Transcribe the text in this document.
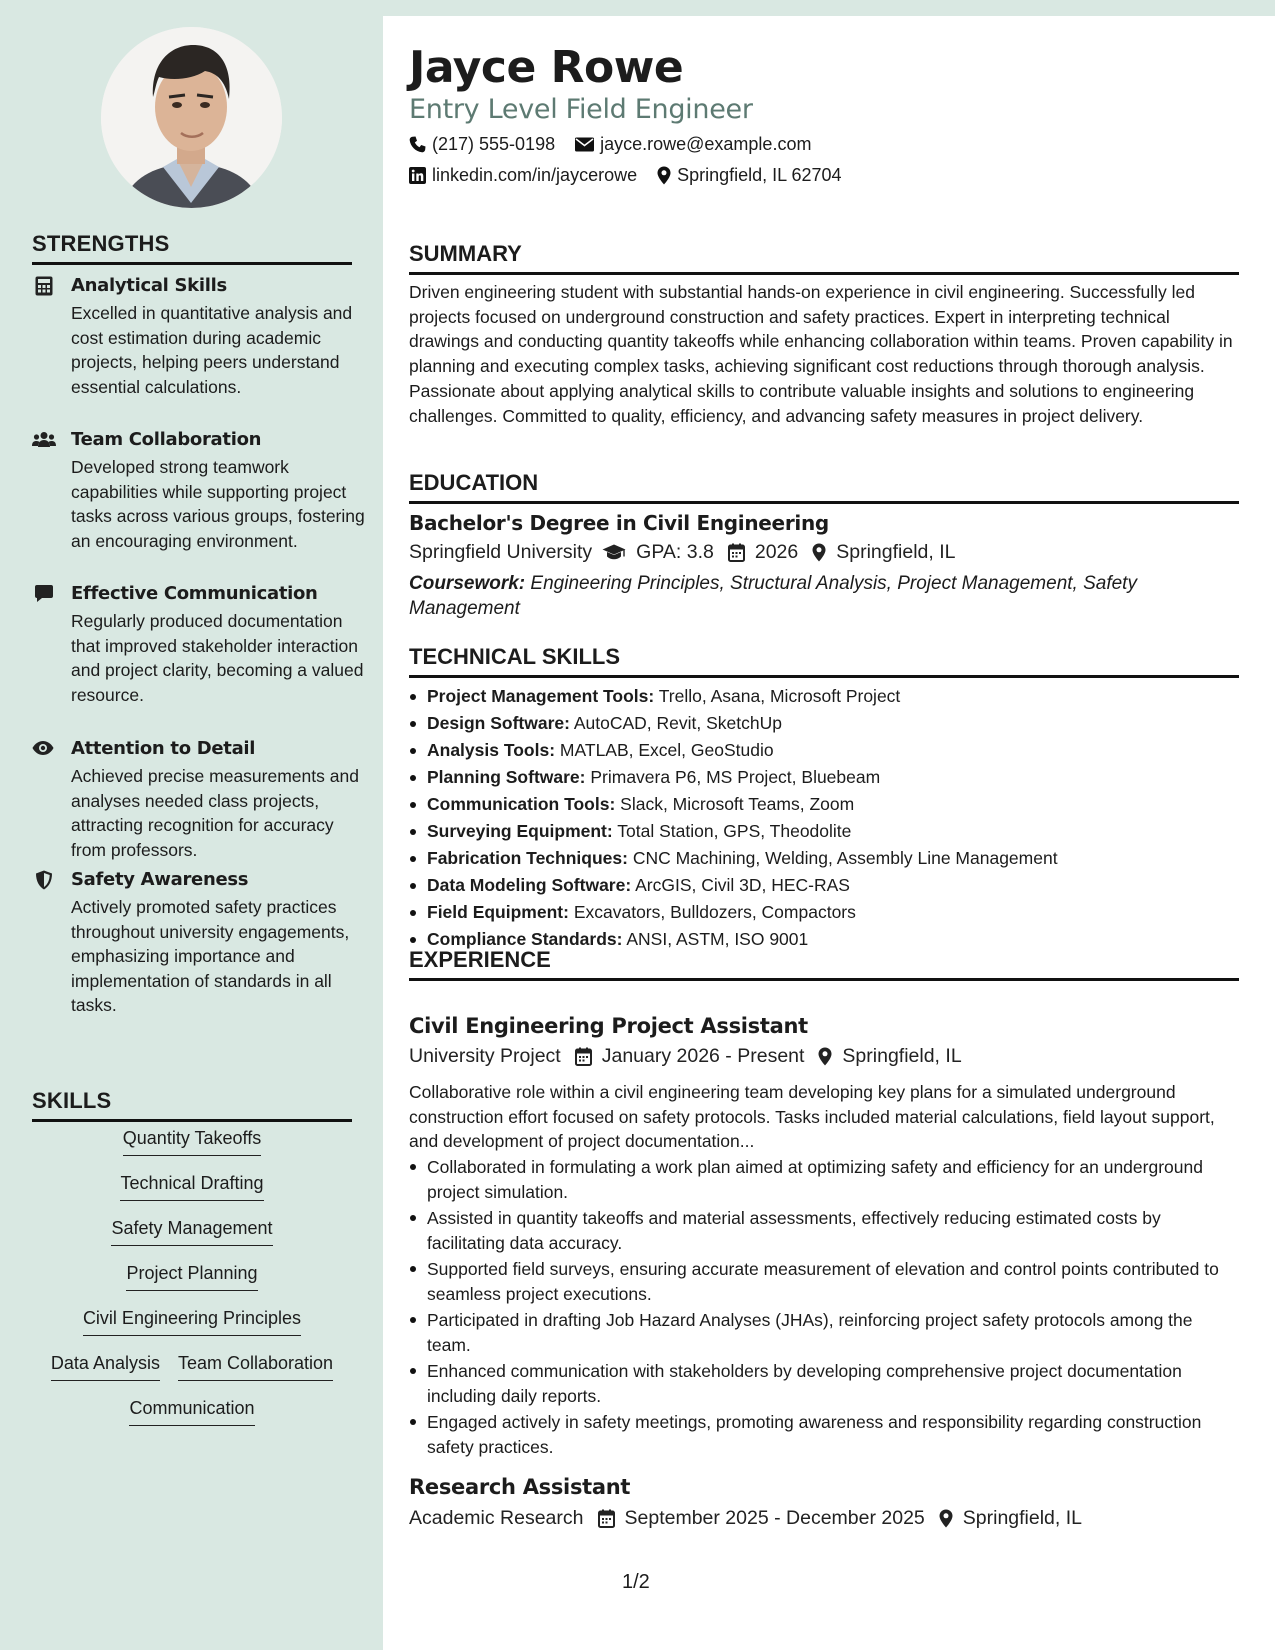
STRENGTHS
Analytical Skills
Excelled in quantitative analysis and cost estimation during academic projects, helping peers understand essential calculations.
Team Collaboration
Developed strong teamwork capabilities while supporting project tasks across various groups, fostering an encouraging environment.
Effective Communication
Regularly produced documentation that improved stakeholder interaction and project clarity, becoming a valued resource.
Attention to Detail
Achieved precise measurements and analyses needed class projects, attracting recognition for accuracy from professors.
Safety Awareness
Actively promoted safety practices throughout university engagements, emphasizing importance and implementation of standards in all tasks.
SKILLS
Quantity Takeoffs
Technical Drafting
Safety Management
Project Planning
Civil Engineering Principles
Data Analysis Team Collaboration
Communication
Jayce Rowe
Entry Level Field Engineer
(217) 555-0198	jayce.rowe@example.com
linkedin.com/in/jaycerowe Springfield, IL 62704
SUMMARY
Driven engineering student with substantial hands-on experience in civil engineering. Successfully led projects focused on underground construction and safety practices. Expert in interpreting technical drawings and conducting quantity takeoffs while enhancing collaboration within teams. Proven capability in planning and executing complex tasks, achieving significant cost reductions through thorough analysis. Passionate about applying analytical skills to contribute valuable insights and solutions to engineering challenges. Committed to quality, efficiency, and advancing safety measures in project delivery.
EDUCATION
Bachelor's Degree in Civil Engineering
Springfield University GPA: 3.8 2026 Springfield, IL
Coursework: Engineering Principles, Structural Analysis, Project Management, Safety Management
TECHNICAL SKILLS
Project Management Tools: Trello, Asana, Microsoft Project
Design Software: AutoCAD, Revit, SketchUp
Analysis Tools: MATLAB, Excel, GeoStudio
Planning Software: Primavera P6, MS Project, Bluebeam
Communication Tools: Slack, Microsoft Teams, Zoom
Surveying Equipment: Total Station, GPS, Theodolite
Fabrication Techniques: CNC Machining, Welding, Assembly Line Management
Data Modeling Software: ArcGIS, Civil 3D, HEC-RAS
Field Equipment: Excavators, Bulldozers, Compactors
Compliance Standards: ANSI, ASTM, ISO 9001
EXPERIENCE
Civil Engineering Project Assistant
University Project January 2026 - Present Springfield, IL
Collaborative role within a civil engineering team developing key plans for a simulated underground construction effort focused on safety protocols. Tasks included material calculations, field layout support, and development of project documentation...
Collaborated in formulating a work plan aimed at optimizing safety and efficiency for an underground project simulation.
Assisted in quantity takeoffs and material assessments, effectively reducing estimated costs by facilitating data accuracy.
Supported field surveys, ensuring accurate measurement of elevation and control points contributed to seamless project executions.
Participated in drafting Job Hazard Analyses (JHAs), reinforcing project safety protocols among the team.
Enhanced communication with stakeholders by developing comprehensive project documentation including daily reports.
Engaged actively in safety meetings, promoting awareness and responsibility regarding construction safety practices.
Research Assistant
Academic Research September 2025 - December 2025 Springfield, IL
1/2
